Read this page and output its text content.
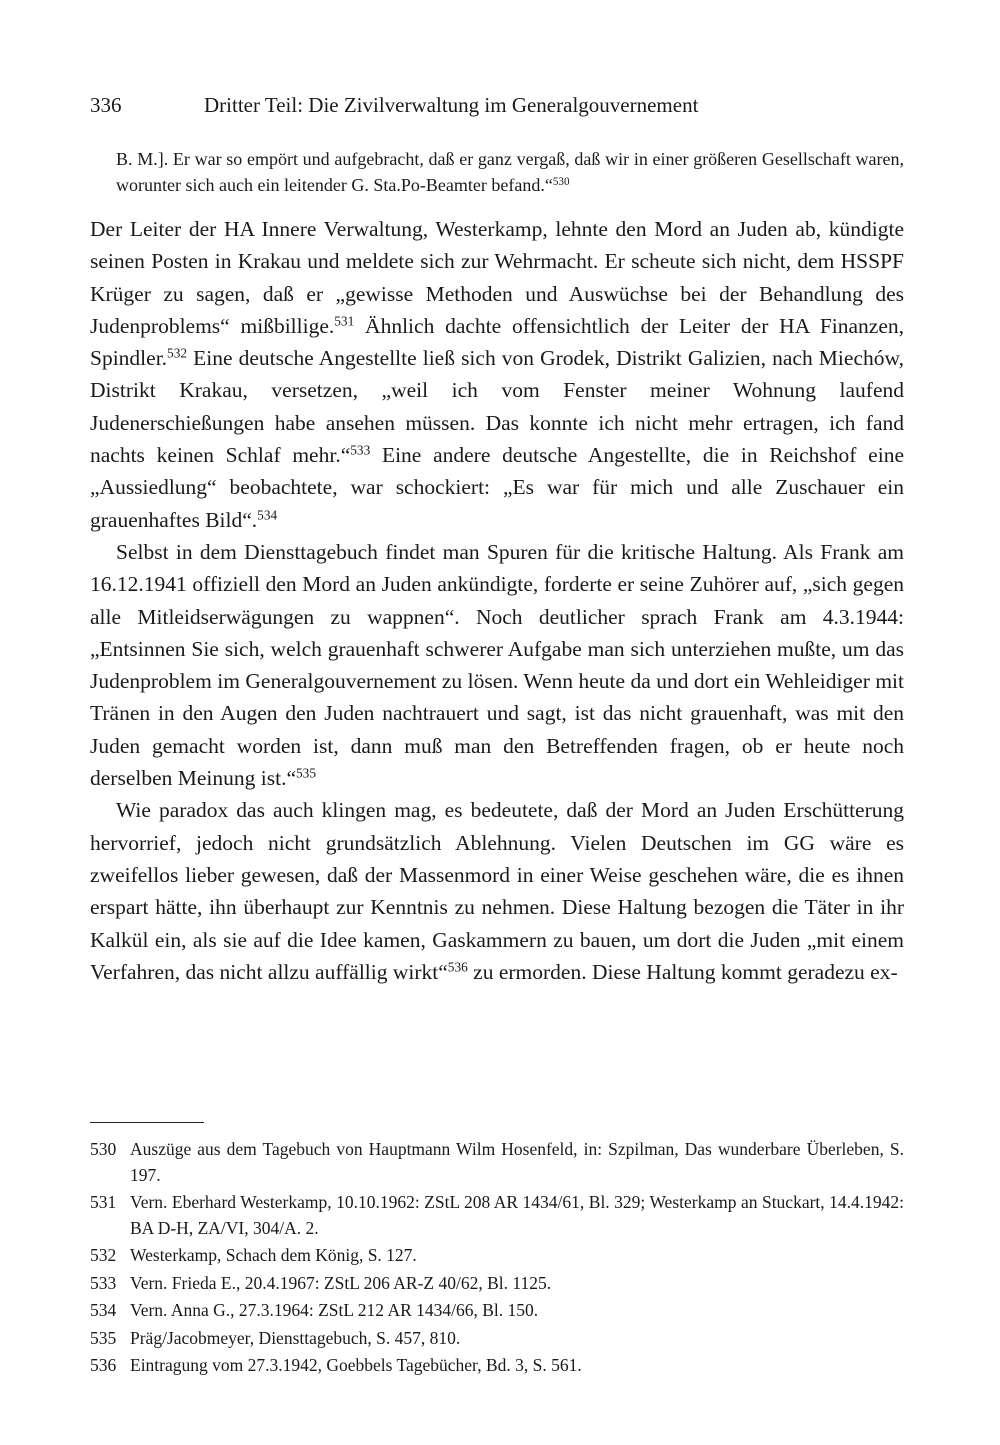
336	Dritter Teil: Die Zivilverwaltung im Generalgouvernement
B. M.]. Er war so empört und aufgebracht, daß er ganz vergaß, daß wir in einer größeren Gesellschaft waren, worunter sich auch ein leitender G. Sta.Po-Beamter befand.“$^{530}$

Der Leiter der HA Innere Verwaltung, Westerkamp, lehnte den Mord an Juden ab, kündigte seinen Posten in Krakau und meldete sich zur Wehrmacht. Er scheute sich nicht, dem HSSPF Krüger zu sagen, daß er „gewisse Methoden und Auswüchse bei der Behandlung des Judenproblems“ mißbillige.$^{531}$ Ähnlich dachte offensichtlich der Leiter der HA Finanzen, Spindler.$^{532}$ Eine deutsche Angestellte ließ sich von Grodek, Distrikt Galizien, nach Miechów, Distrikt Krakau, versetzen, „weil ich vom Fenster meiner Wohnung laufend Judenerschießungen habe ansehen müssen. Das konnte ich nicht mehr ertragen, ich fand nachts keinen Schlaf mehr.“$^{533}$ Eine andere deutsche Angestellte, die in Reichshof eine „Aussiedlung“ beobachtete, war schockiert: „Es war für mich und alle Zuschauer ein grauenhaftes Bild“.$^{534}$

Selbst in dem Diensttagebuch findet man Spuren für die kritische Haltung. Als Frank am 16.12.1941 offiziell den Mord an Juden ankündigte, forderte er seine Zuhörer auf, „sich gegen alle Mitleidserwägungen zu wappnen“. Noch deutlicher sprach Frank am 4.3.1944: „Entsinnen Sie sich, welch grauenhaft schwerer Aufgabe man sich unterziehen mußte, um das Judenproblem im Generalgouvernement zu lösen. Wenn heute da und dort ein Wehleidiger mit Tränen in den Augen den Juden nachtrauert und sagt, ist das nicht grauenhaft, was mit den Juden gemacht worden ist, dann muß man den Betreffenden fragen, ob er heute noch derselben Meinung ist.“$^{535}$

Wie paradox das auch klingen mag, es bedeutete, daß der Mord an Juden Erschütterung hervorrief, jedoch nicht grundsätzlich Ablehnung. Vielen Deutschen im GG wäre es zweifellos lieber gewesen, daß der Massenmord in einer Weise geschehen wäre, die es ihnen erspart hätte, ihn überhaupt zur Kenntnis zu nehmen. Diese Haltung bezogen die Täter in ihr Kalkül ein, als sie auf die Idee kamen, Gaskammern zu bauen, um dort die Juden „mit einem Verfahren, das nicht allzu auffällig wirkt“$^{536}$ zu ermorden. Diese Haltung kommt geradezu ex-

530 Auszüge aus dem Tagebuch von Hauptmann Wilm Hosenfeld, in: Szpilman, Das wunderbare Überleben, S. 197.
531 Vern. Eberhard Westerkamp, 10.10.1962: ZStL 208 AR 1434/61, Bl. 329; Westerkamp an Stuckart, 14.4.1942: BA D-H, ZA/VI, 304/A. 2.
532 Westerkamp, Schach dem König, S. 127.
533 Vern. Frieda E., 20.4.1967: ZStL 206 AR-Z 40/62, Bl. 1125.
534 Vern. Anna G., 27.3.1964: ZStL 212 AR 1434/66, Bl. 150.
535 Präg/Jacobmeyer, Diensttagebuch, S. 457, 810.
536 Eintragung vom 27.3.1942, Goebbels Tagebücher, Bd. 3, S. 561.
